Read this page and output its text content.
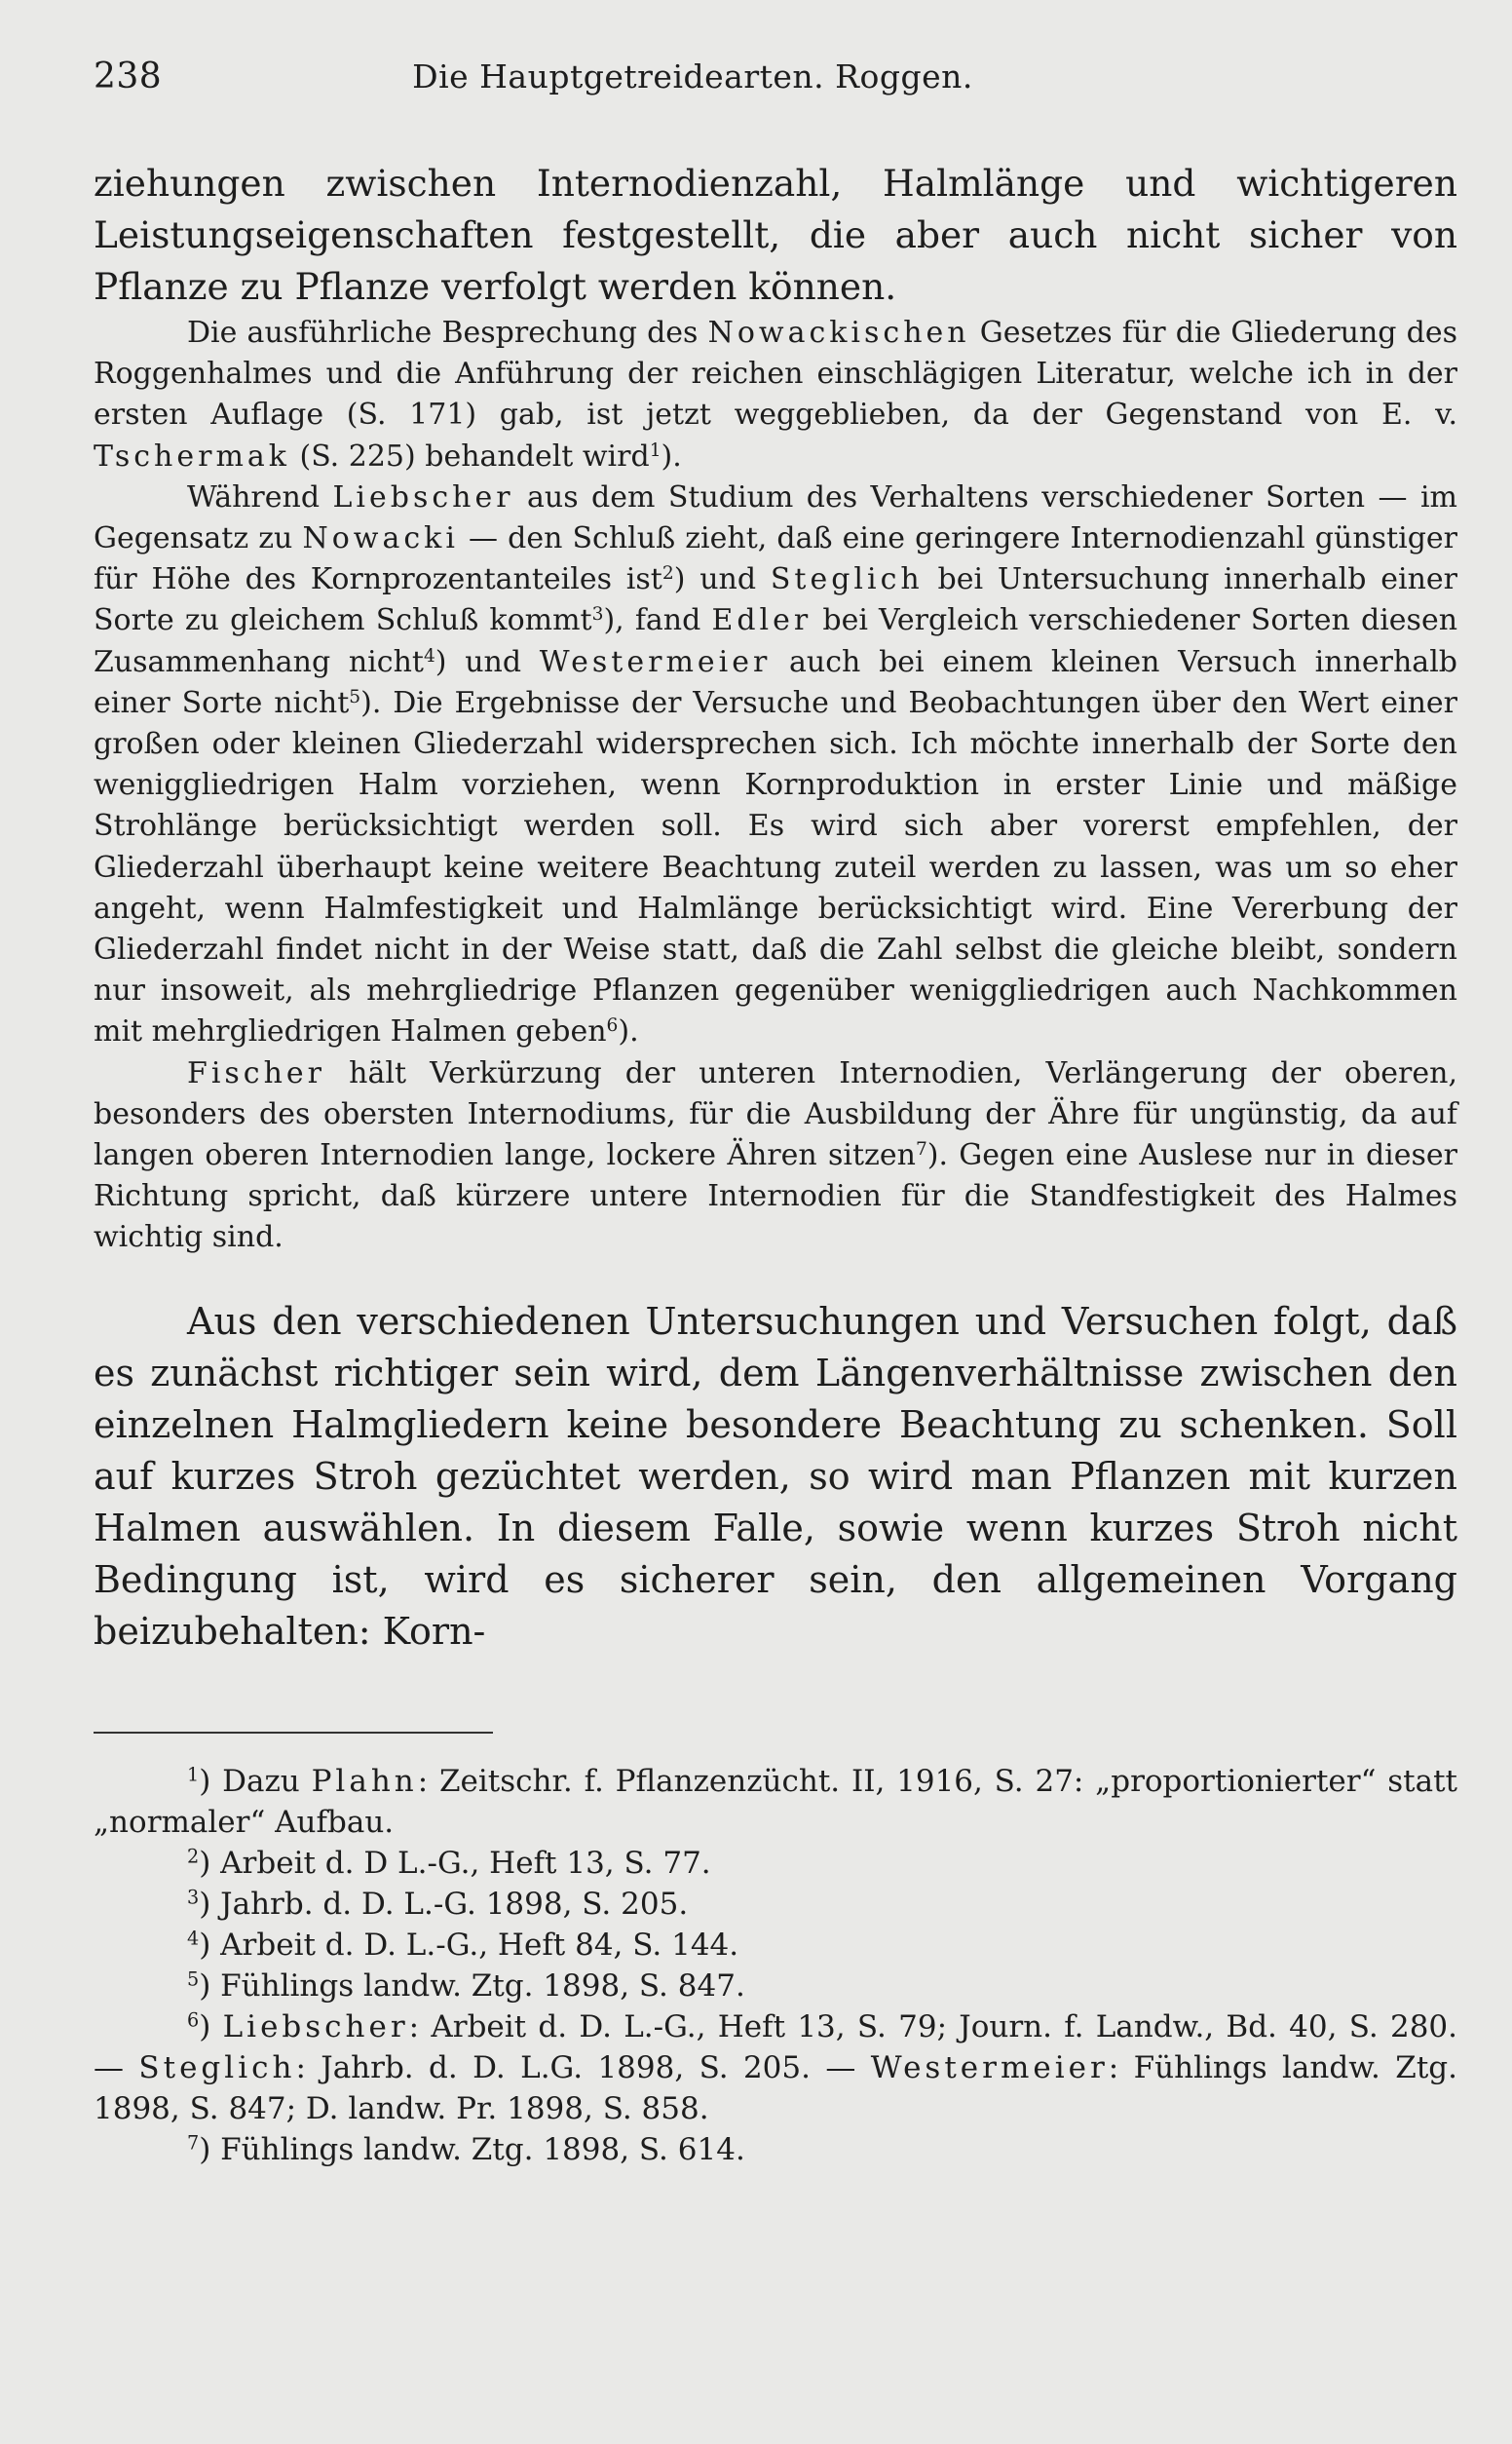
238	Die Hauptgetreidearten. Roggen.

ziehungen zwischen Internodienzahl, Halmlänge und wichtigeren Leistungseigenschaften festgestellt, die aber auch nicht sicher von Pflanze zu Pflanze verfolgt werden können.

Die ausführliche Besprechung des Nowackischen Gesetzes für die Gliederung des Roggenhalmes und die Anführung der reichen einschlägigen Literatur, welche ich in der ersten Auflage (S. 171) gab, ist jetzt weggeblieben, da der Gegenstand von E. v. Tschermak (S. 225) behandelt wird$^1$).

Während Liebscher aus dem Studium des Verhaltens verschiedener Sorten — im Gegensatz zu Nowacki — den Schluß zieht, daß eine geringere Internodienzahl günstiger für Höhe des Kornprozentanteiles ist$^2$) und Steglich bei Untersuchung innerhalb einer Sorte zu gleichem Schluß kommt$^3$), fand Edler bei Vergleich verschiedener Sorten diesen Zusammenhang nicht$^4$) und Westermeier auch bei einem kleinen Versuch innerhalb einer Sorte nicht$^5$). Die Ergebnisse der Versuche und Beobachtungen über den Wert einer großen oder kleinen Gliederzahl widersprechen sich. Ich möchte innerhalb der Sorte den weniggliedrigen Halm vorziehen, wenn Kornproduktion in erster Linie und mäßige Strohlänge berücksichtigt werden soll. Es wird sich aber vorerst empfehlen, der Gliederzahl überhaupt keine weitere Beachtung zuteil werden zu lassen, was um so eher angeht, wenn Halmfestigkeit und Halmlänge berücksichtigt wird. Eine Vererbung der Gliederzahl findet nicht in der Weise statt, daß die Zahl selbst die gleiche bleibt, sondern nur insoweit, als mehrgliedrige Pflanzen gegenüber weniggliedrigen auch Nachkommen mit mehrgliedrigen Halmen geben$^6$).

Fischer hält Verkürzung der unteren Internodien, Verlängerung der oberen, besonders des obersten Internodiums, für die Ausbildung der Ähre für ungünstig, da auf langen oberen Internodien lange, lockere Ähren sitzen$^7$). Gegen eine Auslese nur in dieser Richtung spricht, daß kürzere untere Internodien für die Standfestigkeit des Halmes wichtig sind.

Aus den verschiedenen Untersuchungen und Versuchen folgt, daß es zunächst richtiger sein wird, dem Längenverhältnisse zwischen den einzelnen Halmgliedern keine besondere Beachtung zu schenken. Soll auf kurzes Stroh gezüchtet werden, so wird man Pflanzen mit kurzen Halmen auswählen. In diesem Falle, sowie wenn kurzes Stroh nicht Bedingung ist, wird es sicherer sein, den allgemeinen Vorgang beizubehalten: Korn-

$^1$) Dazu Plahn: Zeitschr. f. Pflanzenzücht. II, 1916, S. 27: „proportionierter“ statt „normaler“ Aufbau.

$^2$) Arbeit d. D L.-G., Heft 13, S. 77.

$^3$) Jahrb. d. D. L.-G. 1898, S. 205.

$^4$) Arbeit d. D. L.-G., Heft 84, S. 144.

$^5$) Fühlings landw. Ztg. 1898, S. 847.

$^6$) Liebscher: Arbeit d. D. L.-G., Heft 13, S. 79; Journ. f. Landw., Bd. 40, S. 280. — Steglich: Jahrb. d. D. L.G. 1898, S. 205. — Westermeier: Fühlings landw. Ztg. 1898, S. 847; D. landw. Pr. 1898, S. 858.

$^7$) Fühlings landw. Ztg. 1898, S. 614.
